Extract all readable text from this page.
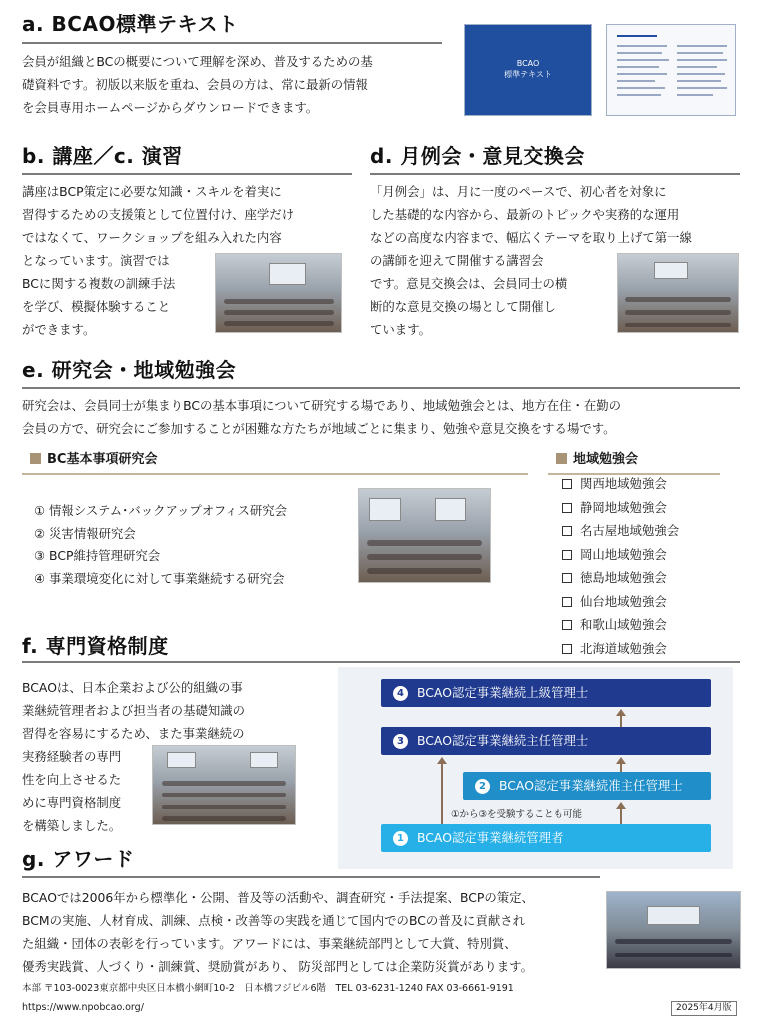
a. BCAO標準テキスト

会員が組織とBCの概要について理解を深め、普及するための基

礎資料です。初版以来版を重ね、会員の方は、常に最新の情報

を会員専用ホームページからダウンロードできます。

BCAO
標準テキスト
b. 講座／c. 演習

講座はBCP策定に必要な知識・スキルを着実に

習得するための支援策として位置付け、座学だけ

ではなくて、ワークショップを組み入れた内容

となっています。演習では

BCに関する複数の訓練手法

を学び、模擬体験すること

ができます。

d. 月例会・意見交換会

「月例会」は、月に一度のペースで、初心者を対象に

した基礎的な内容から、最新のトピックや実務的な運用

などの高度な内容まで、幅広くテーマを取り上げて第一線

の講師を迎えて開催する講習会

です。意見交換会は、会員同士の横

断的な意見交換の場として開催し

ています。

e. 研究会・地域勉強会

研究会は、会員同士が集まりBCの基本事項について研究する場であり、地域勉強会とは、地方在住・在勤の

会員の方で、研究会にご参加することが困難な方たちが地域ごとに集まり、勉強や意見交換をする場です。

BC基本事項研究会
① 情報システム･バックアップオフィス研究会
② 災害情報研究会
③ BCP維持管理研究会
④ 事業環境変化に対して事業継続する研究会
地域勉強会
関西地域勉強会
静岡地域勉強会
名古屋地域勉強会
岡山地域勉強会
徳島地域勉強会
仙台地域勉強会
和歌山域勉強会
北海道域勉強会
f. 専門資格制度

BCAOは、日本企業および公的組織の事

業継続管理者および担当者の基礎知識の

習得を容易にするため、また事業継続の

実務経験者の専門

性を向上させるた

めに専門資格制度

を構築しました。

4 BCAO認定事業継続上級管理士
3 BCAO認定事業継続主任管理士
2 BCAO認定事業継続准主任管理士
①から③を受験することも可能
1 BCAO認定事業継続管理者
g. アワード

BCAOでは2006年から標準化・公開、普及等の活動や、調査研究・手法提案、BCPの策定、

BCMの実施、人材育成、訓練、点検・改善等の実践を通じて国内でのBCの普及に貢献され

た組織・団体の表彰を行っています。アワードには、事業継続部門として大賞、特別賞、

優秀実践賞、人づくり・訓練賞、奨励賞があり、 防災部門としては企業防災賞があります。

本部 〒103-0023東京都中央区日本橋小網町10-2　日本橋フジビル6階　TEL 03-6231-1240 FAX 03-6661-9191
https://www.npobcao.org/	2025年4月版
